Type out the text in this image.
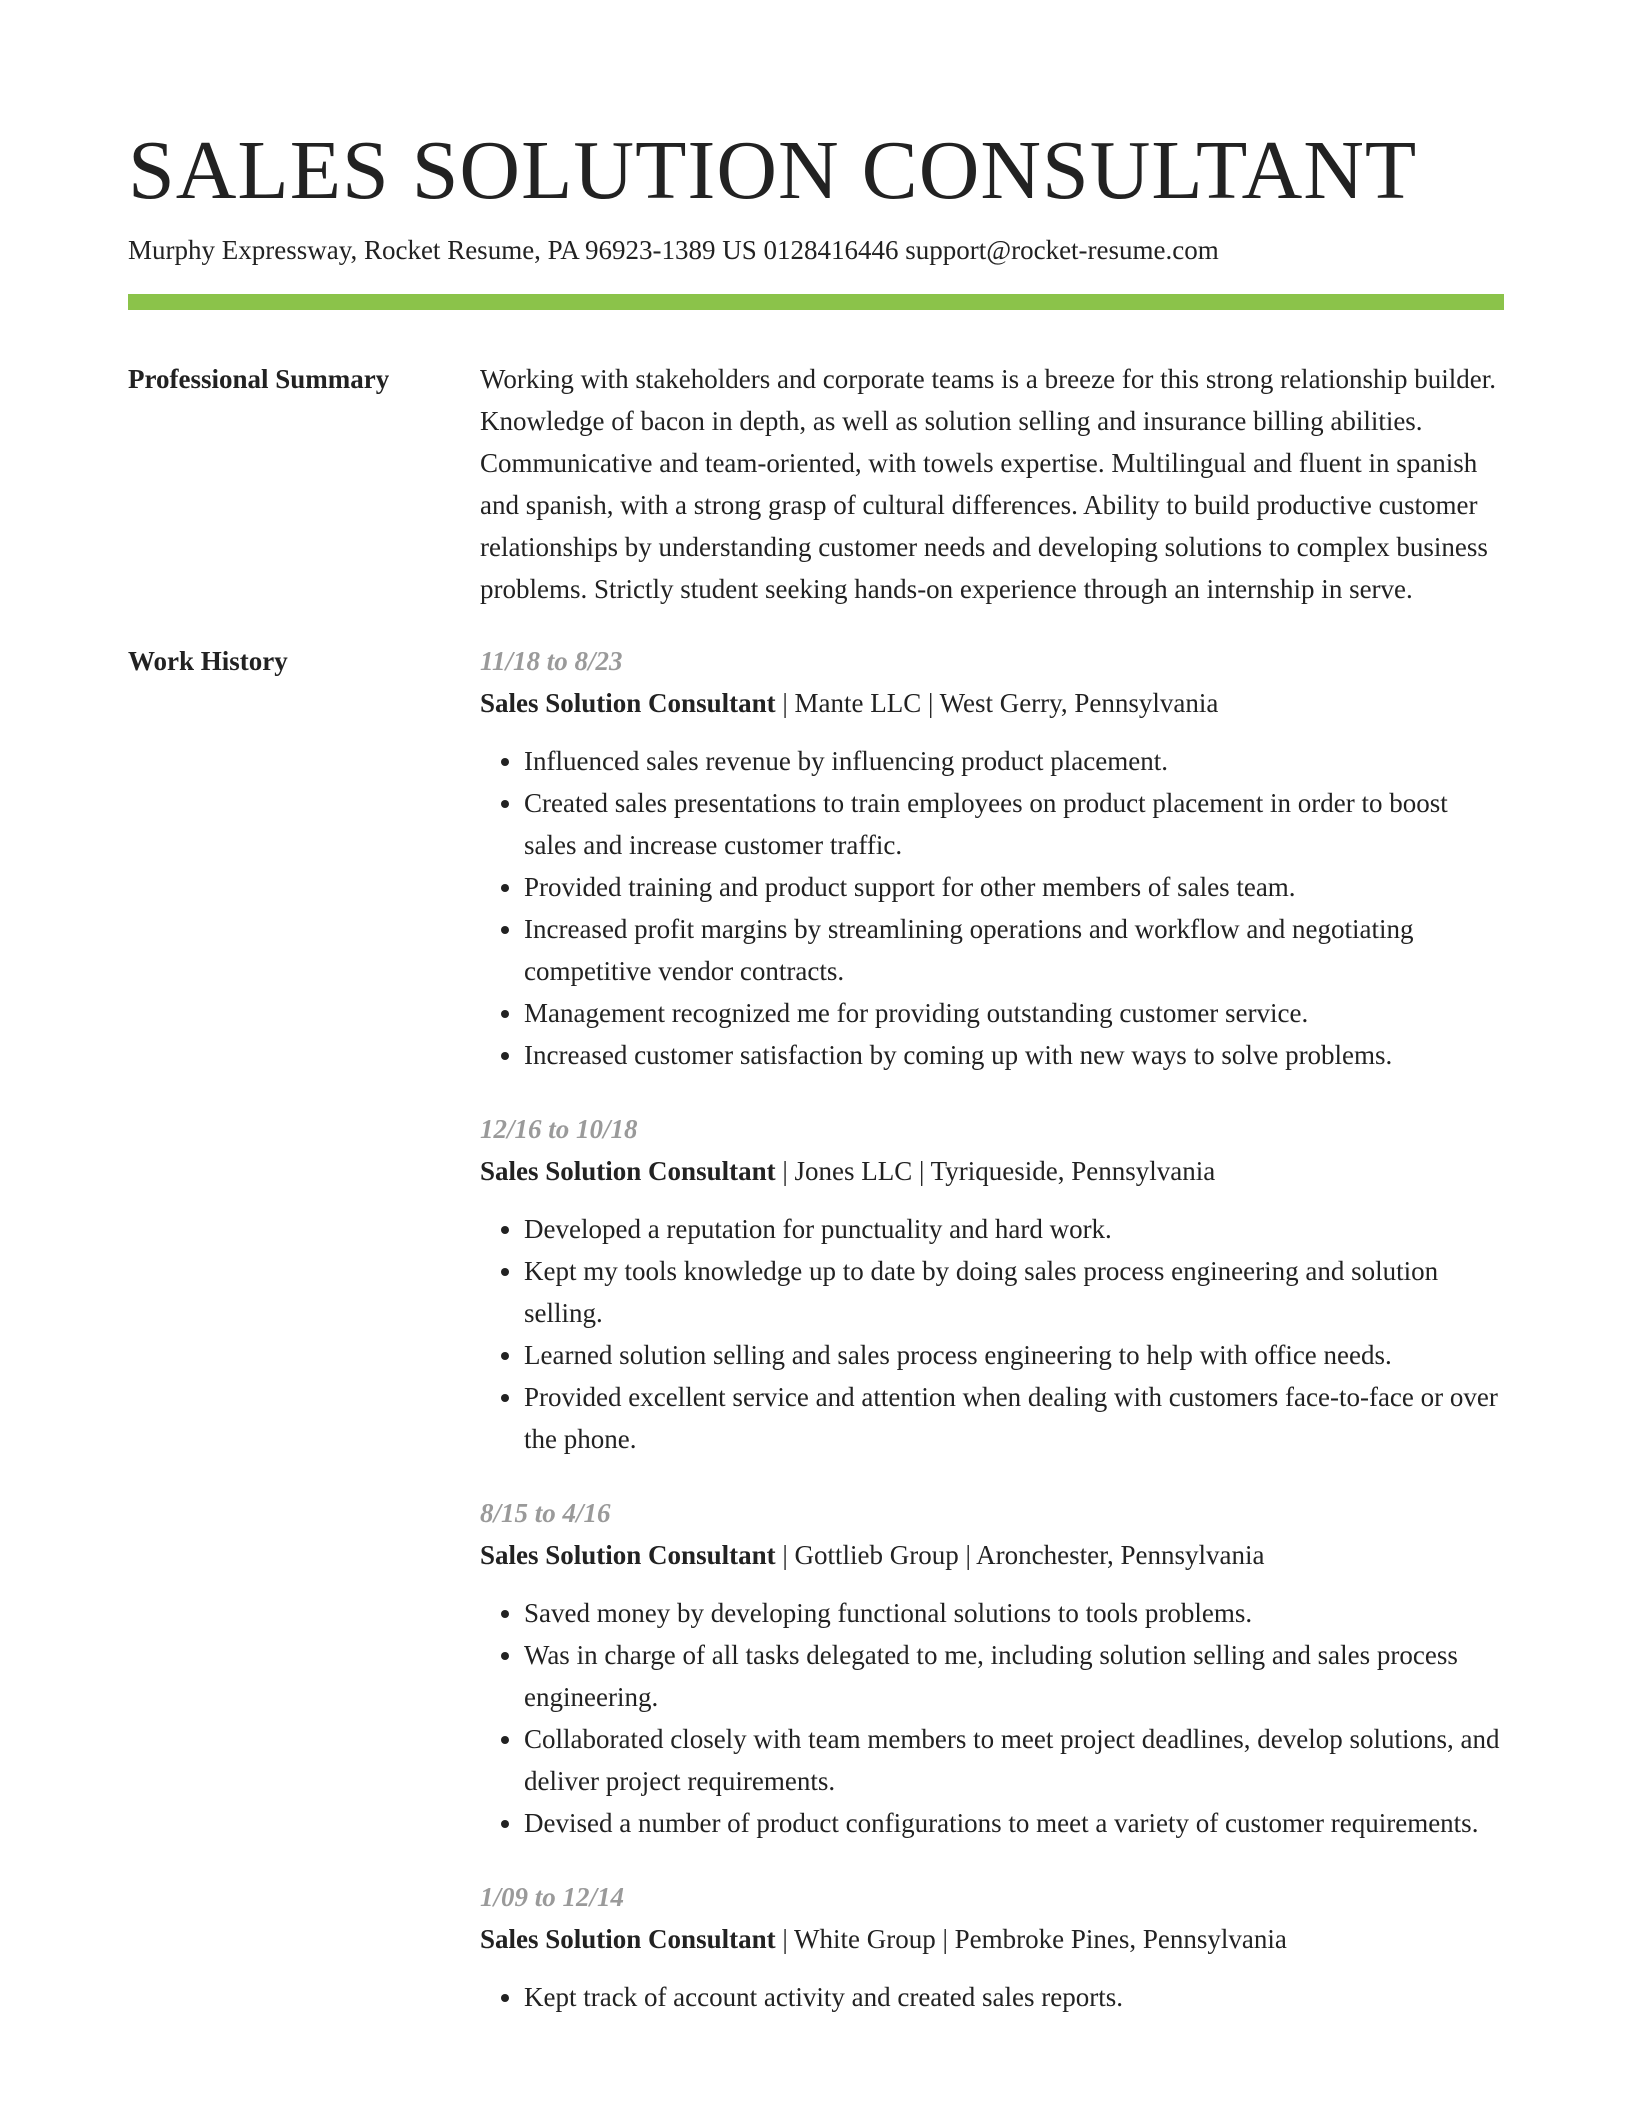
SALES SOLUTION CONSULTANT
Murphy Expressway, Rocket Resume, PA 96923-1389 US 0128416446 support@rocket-resume.com
Professional Summary	Working with stakeholders and corporate teams is a breeze for this strong relationship builder. Knowledge of bacon in depth, as well as solution selling and insurance billing abilities. Communicative and team-oriented, with towels expertise. Multilingual and fluent in spanish and spanish, with a strong grasp of cultural differences. Ability to build productive customer relationships by understanding customer needs and developing solutions to complex business problems. Strictly student seeking hands-on experience through an internship in serve.

Work History	11/18 to 8/23
Sales Solution Consultant | Mante LLC | West Gerry, Pennsylvania
• Influenced sales revenue by influencing product placement.
• Created sales presentations to train employees on product placement in order to boost sales and increase customer traffic.
• Provided training and product support for other members of sales team.
• Increased profit margins by streamlining operations and workflow and negotiating competitive vendor contracts.
• Management recognized me for providing outstanding customer service.
• Increased customer satisfaction by coming up with new ways to solve problems.
12/16 to 10/18
Sales Solution Consultant | Jones LLC | Tyriqueside, Pennsylvania
• Developed a reputation for punctuality and hard work.
• Kept my tools knowledge up to date by doing sales process engineering and solution selling.
• Learned solution selling and sales process engineering to help with office needs.
• Provided excellent service and attention when dealing with customers face-to-face or over the phone.
8/15 to 4/16
Sales Solution Consultant | Gottlieb Group | Aronchester, Pennsylvania
• Saved money by developing functional solutions to tools problems.
• Was in charge of all tasks delegated to me, including solution selling and sales process engineering.
• Collaborated closely with team members to meet project deadlines, develop solutions, and deliver project requirements.
• Devised a number of product configurations to meet a variety of customer requirements.
1/09 to 12/14
Sales Solution Consultant | White Group | Pembroke Pines, Pennsylvania
• Kept track of account activity and created sales reports.
